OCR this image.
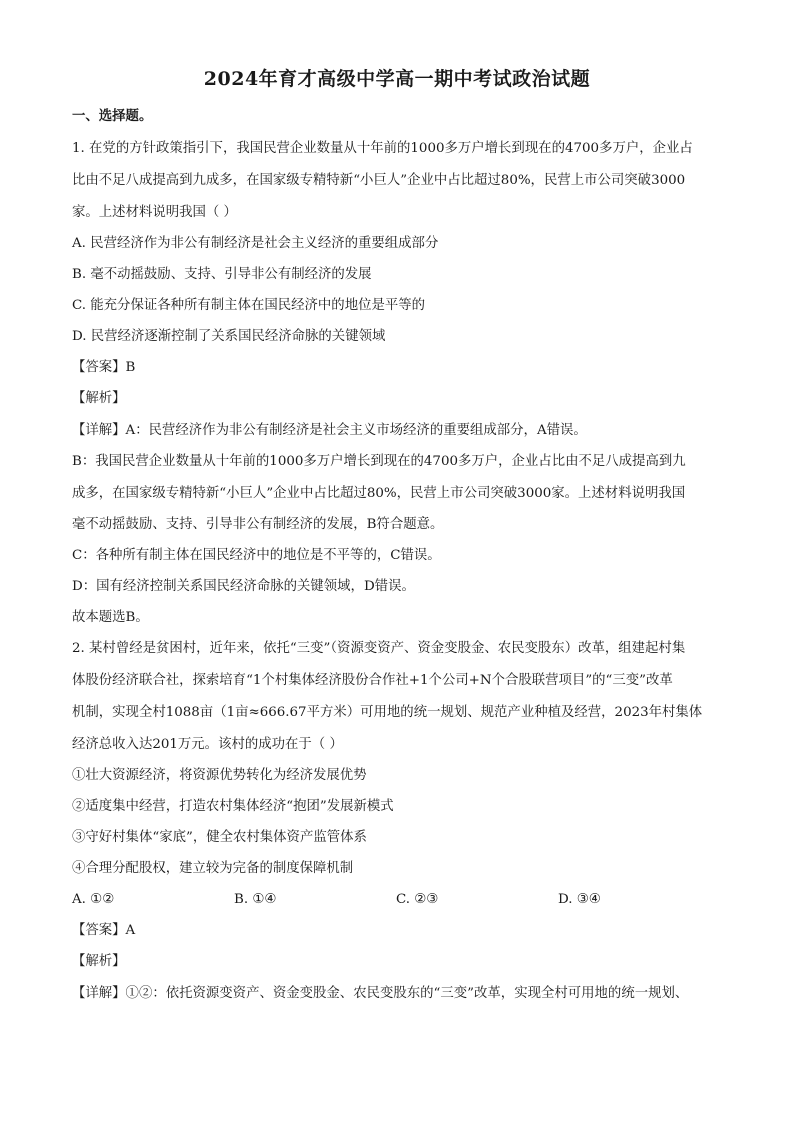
2024年育才高级中学高一期中考试政治试题
一、选择题。
1. 在党的方针政策指引下，我国民营企业数量从十年前的1000多万户增长到现在的4700多万户，企业占
比由不足八成提高到九成多，在国家级专精特新“小巨人”企业中占比超过80%，民营上市公司突破3000
家。上述材料说明我国（ ）
A. 民营经济作为非公有制经济是社会主义经济的重要组成部分
B. 毫不动摇鼓励、支持、引导非公有制经济的发展
C. 能充分保证各种所有制主体在国民经济中的地位是平等的
D. 民营经济逐渐控制了关系国民经济命脉的关键领域
【答案】B
【解析】
【详解】A：民营经济作为非公有制经济是社会主义市场经济的重要组成部分，A错误。
B：我国民营企业数量从十年前的1000多万户增长到现在的4700多万户，企业占比由不足八成提高到九
成多，在国家级专精特新“小巨人”企业中占比超过80%，民营上市公司突破3000家。上述材料说明我国
毫不动摇鼓励、支持、引导非公有制经济的发展，B符合题意。
C：各种所有制主体在国民经济中的地位是不平等的，C错误。
D：国有经济控制关系国民经济命脉的关键领域，D错误。
故本题选B。
2. 某村曾经是贫困村，近年来，依托“三变”（资源变资产、资金变股金、农民变股东）改革，组建起村集
体股份经济联合社，探索培育“1个村集体经济股份合作社+1个公司+N个合股联营项目”的“三变”改革
机制，实现全村1088亩（1亩≈666.67平方米）可用地的统一规划、规范产业种植及经营，2023年村集体
经济总收入达201万元。该村的成功在于（ ）
①壮大资源经济，将资源优势转化为经济发展优势
②适度集中经营，打造农村集体经济“抱团”发展新模式
③守好村集体“家底”，健全农村集体资产监管体系
④合理分配股权，建立较为完备的制度保障机制
A. ①②	B. ①④	C. ②③	D. ③④
【答案】A
【解析】
【详解】①②：依托资源变资产、资金变股金、农民变股东的“三变”改革，实现全村可用地的统一规划、
